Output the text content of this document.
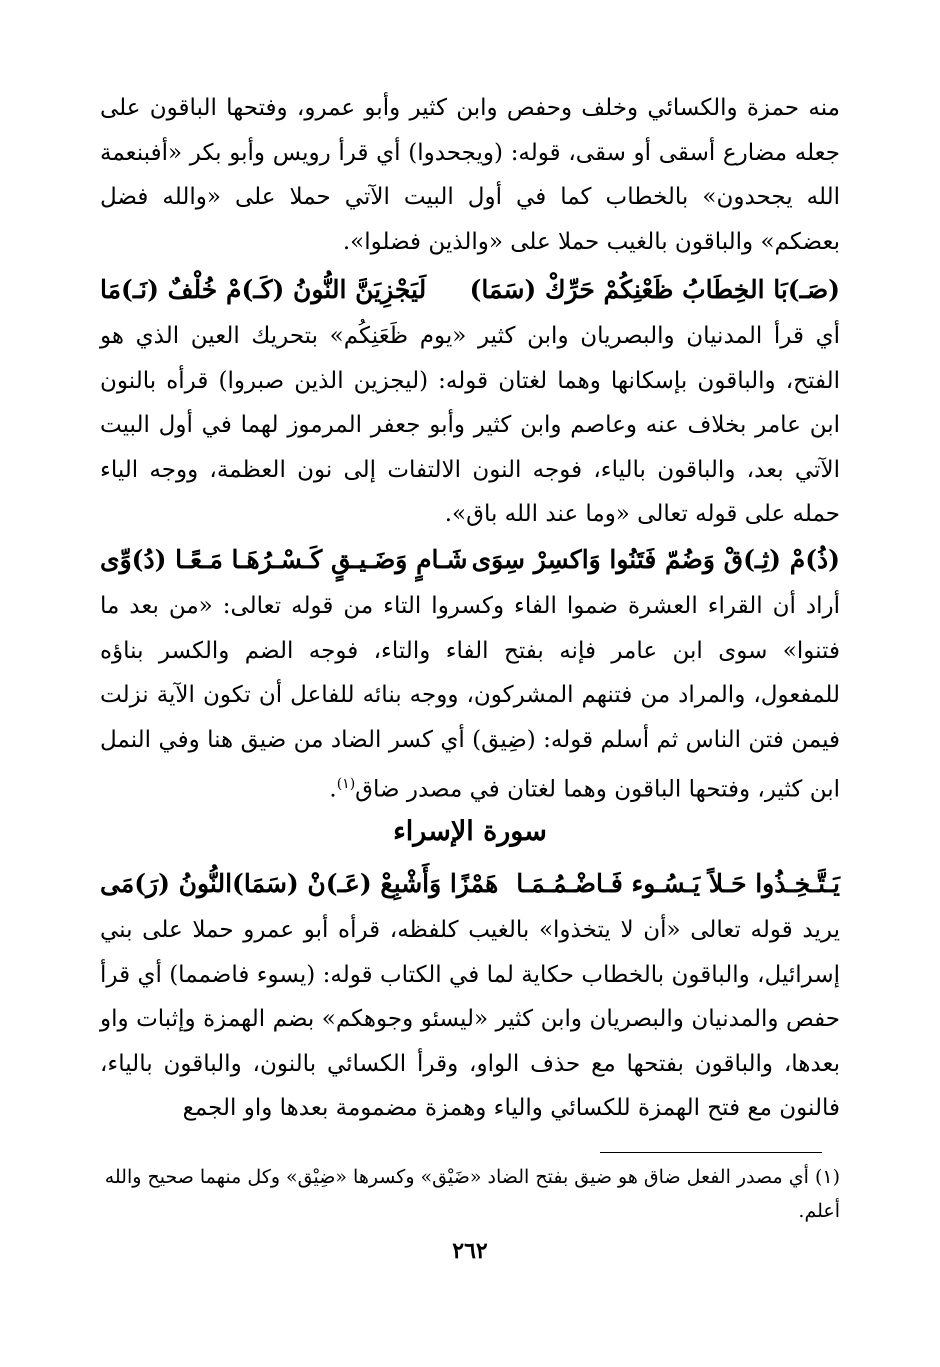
منه حمزة والكسائي وخلف وحفص وابن كثير وأبو عمرو، وفتحها الباقون على جعله مضارع أسقى أو سقى، قوله: (ويجحدوا) أي قرأ رويس وأبو بكر «أفبنعمة الله يجحدون» بالخطاب كما في أول البيت الآتي حملا على «والله فضل بعضكم» والباقون بالغيب حملا على «والذين فضلوا».

(صَـ)بَا الخِطَابُ ظَعْنِكُمْ حَرِّكْ (سَمَا)
لَيَجْزِيَنَّ النُّونُ (كَـ)مْ خُلْفٌ (نَـ)مَا

أي قرأ المدنيان والبصريان وابن كثير «يوم ظَعَنِكُم» بتحريك العين الذي هو الفتح، والباقون بإسكانها وهما لغتان قوله: (ليجزين الذين صبروا) قرأه بالنون ابن عامر بخلاف عنه وعاصم وابن كثير وأبو جعفر المرموز لهما في أول البيت الآتي بعد، والباقون بالياء، فوجه النون الالتفات إلى نون العظمة، ووجه الياء حمله على قوله تعالى «وما عند الله باق».

(ذُ)مْ (ثِـ)قْ وَضُمّ فَتَنُوا وَاكسِرْ سِوَى
شَـامٍ وَضَـيـقٍ كَـسْـرُهَـا مَـعًـا (دُ)وِّى

أراد أن القراء العشرة ضموا الفاء وكسروا التاء من قوله تعالى: «من بعد ما فتنوا» سوى ابن عامر فإنه بفتح الفاء والتاء، فوجه الضم والكسر بناؤه للمفعول، والمراد من فتنهم المشركون، ووجه بنائه للفاعل أن تكون الآية نزلت فيمن فتن الناس ثم أسلم قوله: (ضِيق) أي كسر الضاد من ضيق هنا وفي النمل ابن كثير، وفتحها الباقون وهما لغتان في مصدر ضاق$^{(١)}$.

سورة الإسراء
يَـتَّـخِـذُوا حَـلاً يَـسُـوء فَـاضْـمُـمَـا
هَمْزًا وَأَشْبِعْ (عَـ)نْ (سَمَا)النُّونُ (رَ)مَى

يريد قوله تعالى «أن لا يتخذوا» بالغيب كلفظه، قرأه أبو عمرو حملا على بني إسرائيل، والباقون بالخطاب حكاية لما في الكتاب قوله: (يسوء فاضمما) أي قرأ حفص والمدنيان والبصريان وابن كثير «ليسئو وجوهكم» بضم الهمزة وإثبات واو بعدها، والباقون بفتحها مع حذف الواو، وقرأ الكسائي بالنون، والباقون بالياء، فالنون مع فتح الهمزة للكسائي والياء وهمزة مضمومة بعدها واو الجمع

(١) أي مصدر الفعل ضاق هو ضيق بفتح الضاد «ضَيْق» وكسرها «ضِيْق» وكل منهما صحيح والله أعلم.

٢٦٢
